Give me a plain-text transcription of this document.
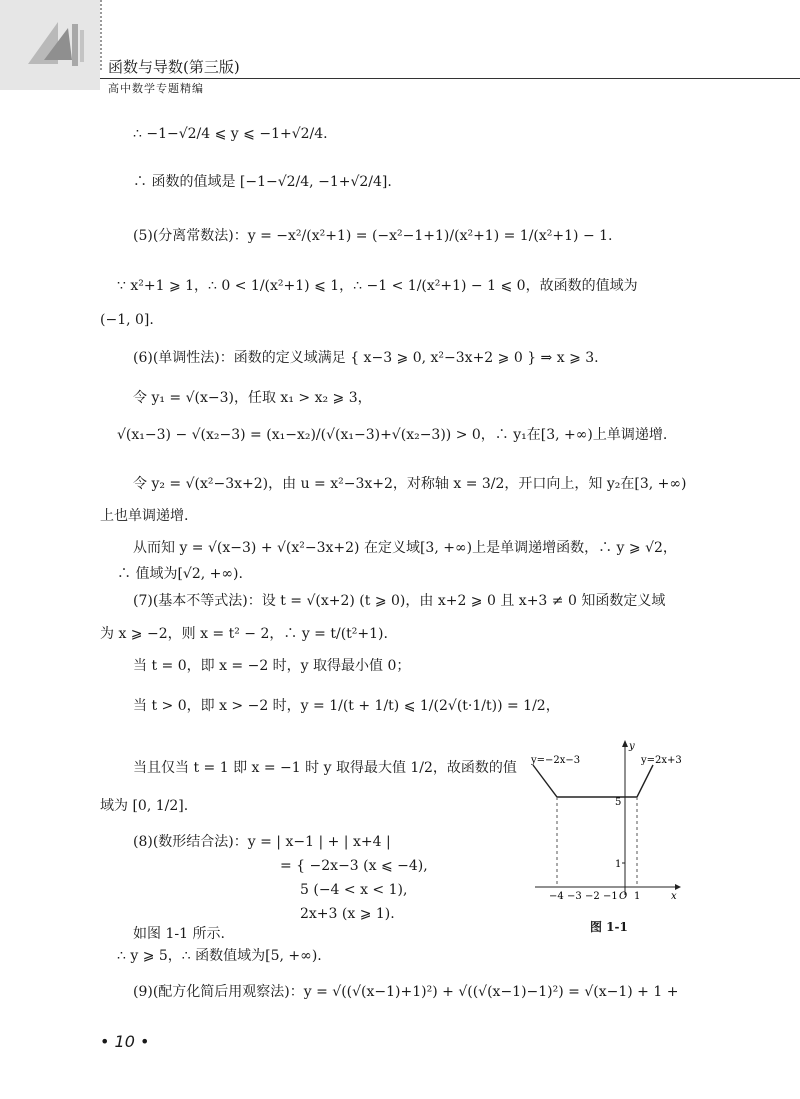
函数与导数(第三版)
高中数学专题精编
∴ −1−√2/4 ⩽ y ⩽ −1+√2/4.
∴ 函数的值域是 [−1−√2/4, −1+√2/4].
(5)(分离常数法)：y = −x²/(x²+1) = (−x²−1+1)/(x²+1) = 1/(x²+1) − 1.
∵ x²+1 ⩾ 1，∴ 0 < 1/(x²+1) ⩽ 1，∴ −1 < 1/(x²+1) − 1 ⩽ 0，故函数的值域为
(−1, 0].
(6)(单调性法)：函数的定义域满足 { x−3 ⩾ 0, x²−3x+2 ⩾ 0 } ⇒ x ⩾ 3.
令 y₁ = √(x−3)，任取 x₁ > x₂ ⩾ 3，
√(x₁−3) − √(x₂−3) = (x₁−x₂)/(√(x₁−3)+√(x₂−3)) > 0，∴ y₁在[3, +∞)上单调递增.
令 y₂ = √(x²−3x+2)，由 u = x²−3x+2，对称轴 x = 3/2，开口向上，知 y₂在[3, +∞)
上也单调递增.
从而知 y = √(x−3) + √(x²−3x+2) 在定义域[3, +∞)上是单调递增函数，∴ y ⩾ √2，
∴ 值域为[√2, +∞).
(7)(基本不等式法)：设 t = √(x+2) (t ⩾ 0)，由 x+2 ⩾ 0 且 x+3 ≠ 0 知函数定义域
为 x ⩾ −2，则 x = t² − 2，∴ y = t/(t²+1).
当 t = 0，即 x = −2 时，y 取得最小值 0；
当 t > 0，即 x > −2 时，y = 1/(t + 1/t) ⩽ 1/(2√(t·1/t)) = 1/2，
当且仅当 t = 1 即 x = −1 时 y 取得最大值 1/2，故函数的值
域为 [0, 1/2].
(8)(数形结合法)：y = | x−1 | + | x+4 |
= { −2x−3 (x ⩽ −4),
5 (−4 < x < 1),
2x+3 (x ⩾ 1).
如图 1-1 所示.
∴ y ⩾ 5，∴ 函数值域为[5, +∞).
(9)(配方化简后用观察法)：y = √((√(x−1)+1)²) + √((√(x−1)−1)²) = √(x−1) + 1 +
y=−2x−3	y=2x+3
y
x
5
1
−4 −3 −2 −1 O 1
图 1-1
• 10 •
